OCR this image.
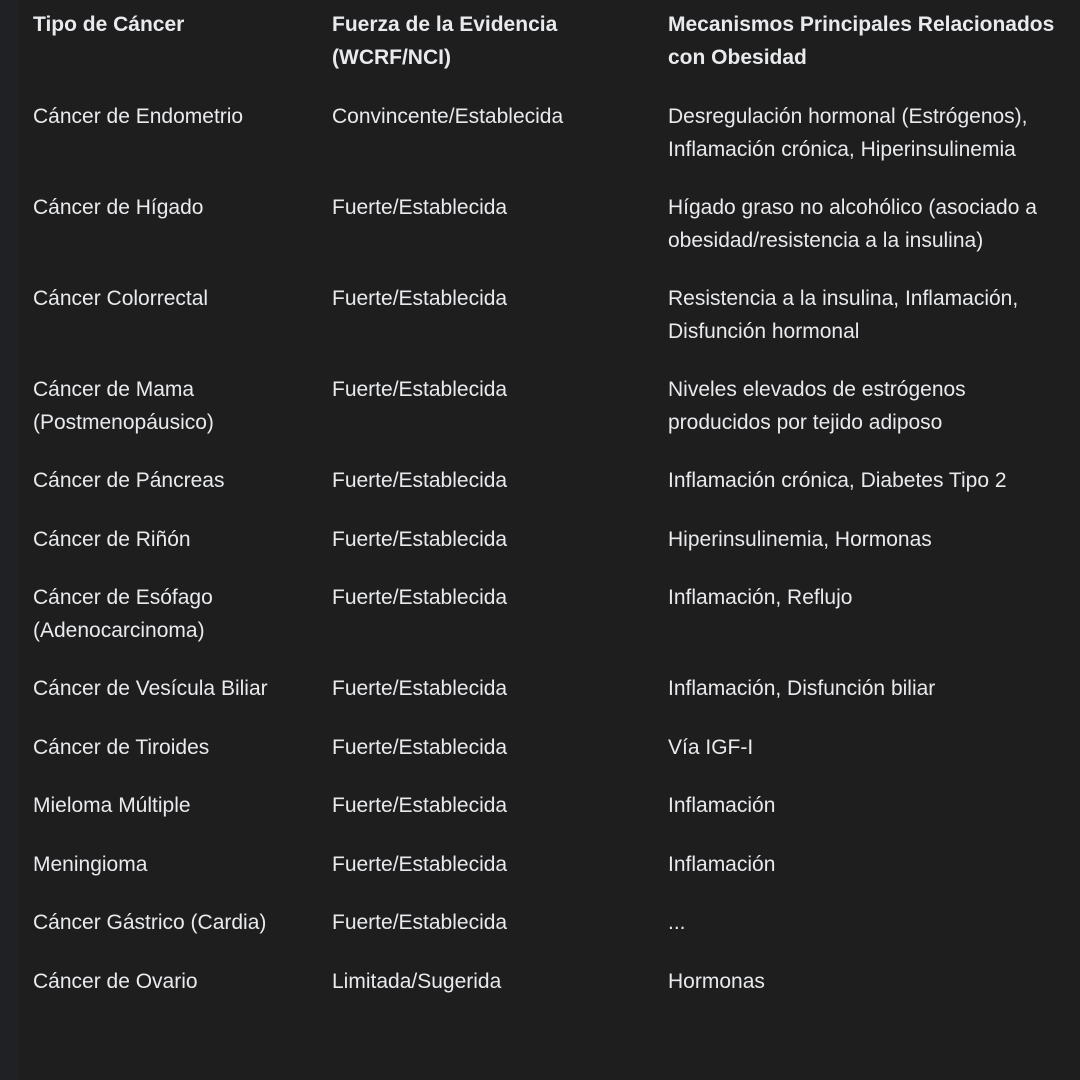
Tipo de Cáncer	Fuerza de la Evidencia (WCRF/NCI)	Mecanismos Principales Relacionados con Obesidad
Cáncer de Endometrio	Convincente/Establecida	Desregulación hormonal (Estrógenos), Inflamación crónica, Hiperinsulinemia
Cáncer de Hígado	Fuerte/Establecida	Hígado graso no alcohólico (asociado a obesidad/resistencia a la insulina)
Cáncer Colorrectal	Fuerte/Establecida	Resistencia a la insulina, Inflamación, Disfunción hormonal
Cáncer de Mama (Postmenopáusico)	Fuerte/Establecida	Niveles elevados de estrógenos producidos por tejido adiposo
Cáncer de Páncreas	Fuerte/Establecida	Inflamación crónica, Diabetes Tipo 2
Cáncer de Riñón	Fuerte/Establecida	Hiperinsulinemia, Hormonas
Cáncer de Esófago (Adenocarcinoma)	Fuerte/Establecida	Inflamación, Reflujo
Cáncer de Vesícula Biliar	Fuerte/Establecida	Inflamación, Disfunción biliar
Cáncer de Tiroides	Fuerte/Establecida	Vía IGF-I
Mieloma Múltiple	Fuerte/Establecida	Inflamación
Meningioma	Fuerte/Establecida	Inflamación
Cáncer Gástrico (Cardia)	Fuerte/Establecida	...
Cáncer de Ovario	Limitada/Sugerida	Hormonas
